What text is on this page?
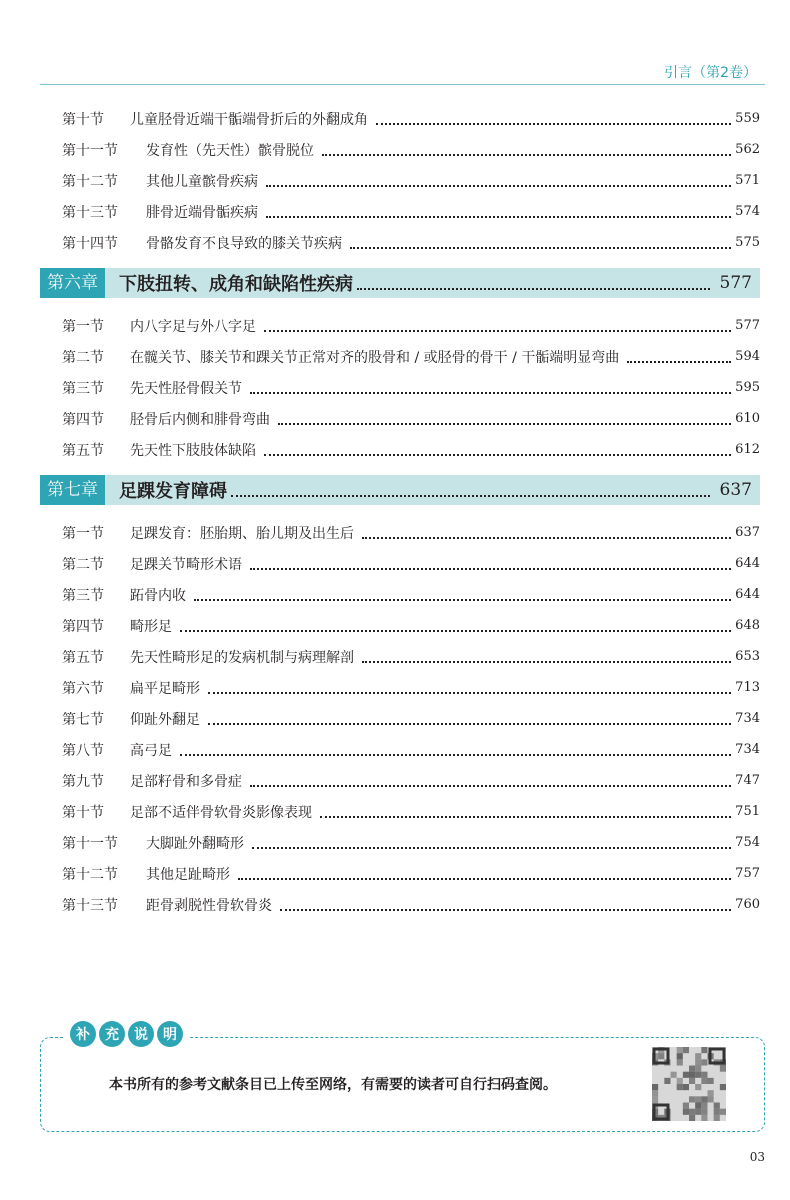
引言（第2卷）
第十节	儿童胫骨近端干骺端骨折后的外翻成角	559
第十一节	发育性（先天性）髌骨脱位	562
第十二节	其他儿童髌骨疾病	571
第十三节	腓骨近端骨骺疾病	574
第十四节	骨骼发育不良导致的膝关节疾病	575
第六章	下肢扭转、成角和缺陷性疾病	577
第一节	内八字足与外八字足	577
第二节	在髋关节、膝关节和踝关节正常对齐的股骨和 / 或胫骨的骨干 / 干骺端明显弯曲	594
第三节	先天性胫骨假关节	595
第四节	胫骨后内侧和腓骨弯曲	610
第五节	先天性下肢肢体缺陷	612
第七章	足踝发育障碍	637
第一节	足踝发育：胚胎期、胎儿期及出生后	637
第二节	足踝关节畸形术语	644
第三节	跖骨内收	644
第四节	畸形足	648
第五节	先天性畸形足的发病机制与病理解剖	653
第六节	扁平足畸形	713
第七节	仰趾外翻足	734
第八节	高弓足	734
第九节	足部籽骨和多骨症	747
第十节	足部不适伴骨软骨炎影像表现	751
第十一节	大脚趾外翻畸形	754
第十二节	其他足趾畸形	757
第十三节	距骨剥脱性骨软骨炎	760
补	充	说	明
本书所有的参考文献条目已上传至网络，有需要的读者可自行扫码查阅。
03
